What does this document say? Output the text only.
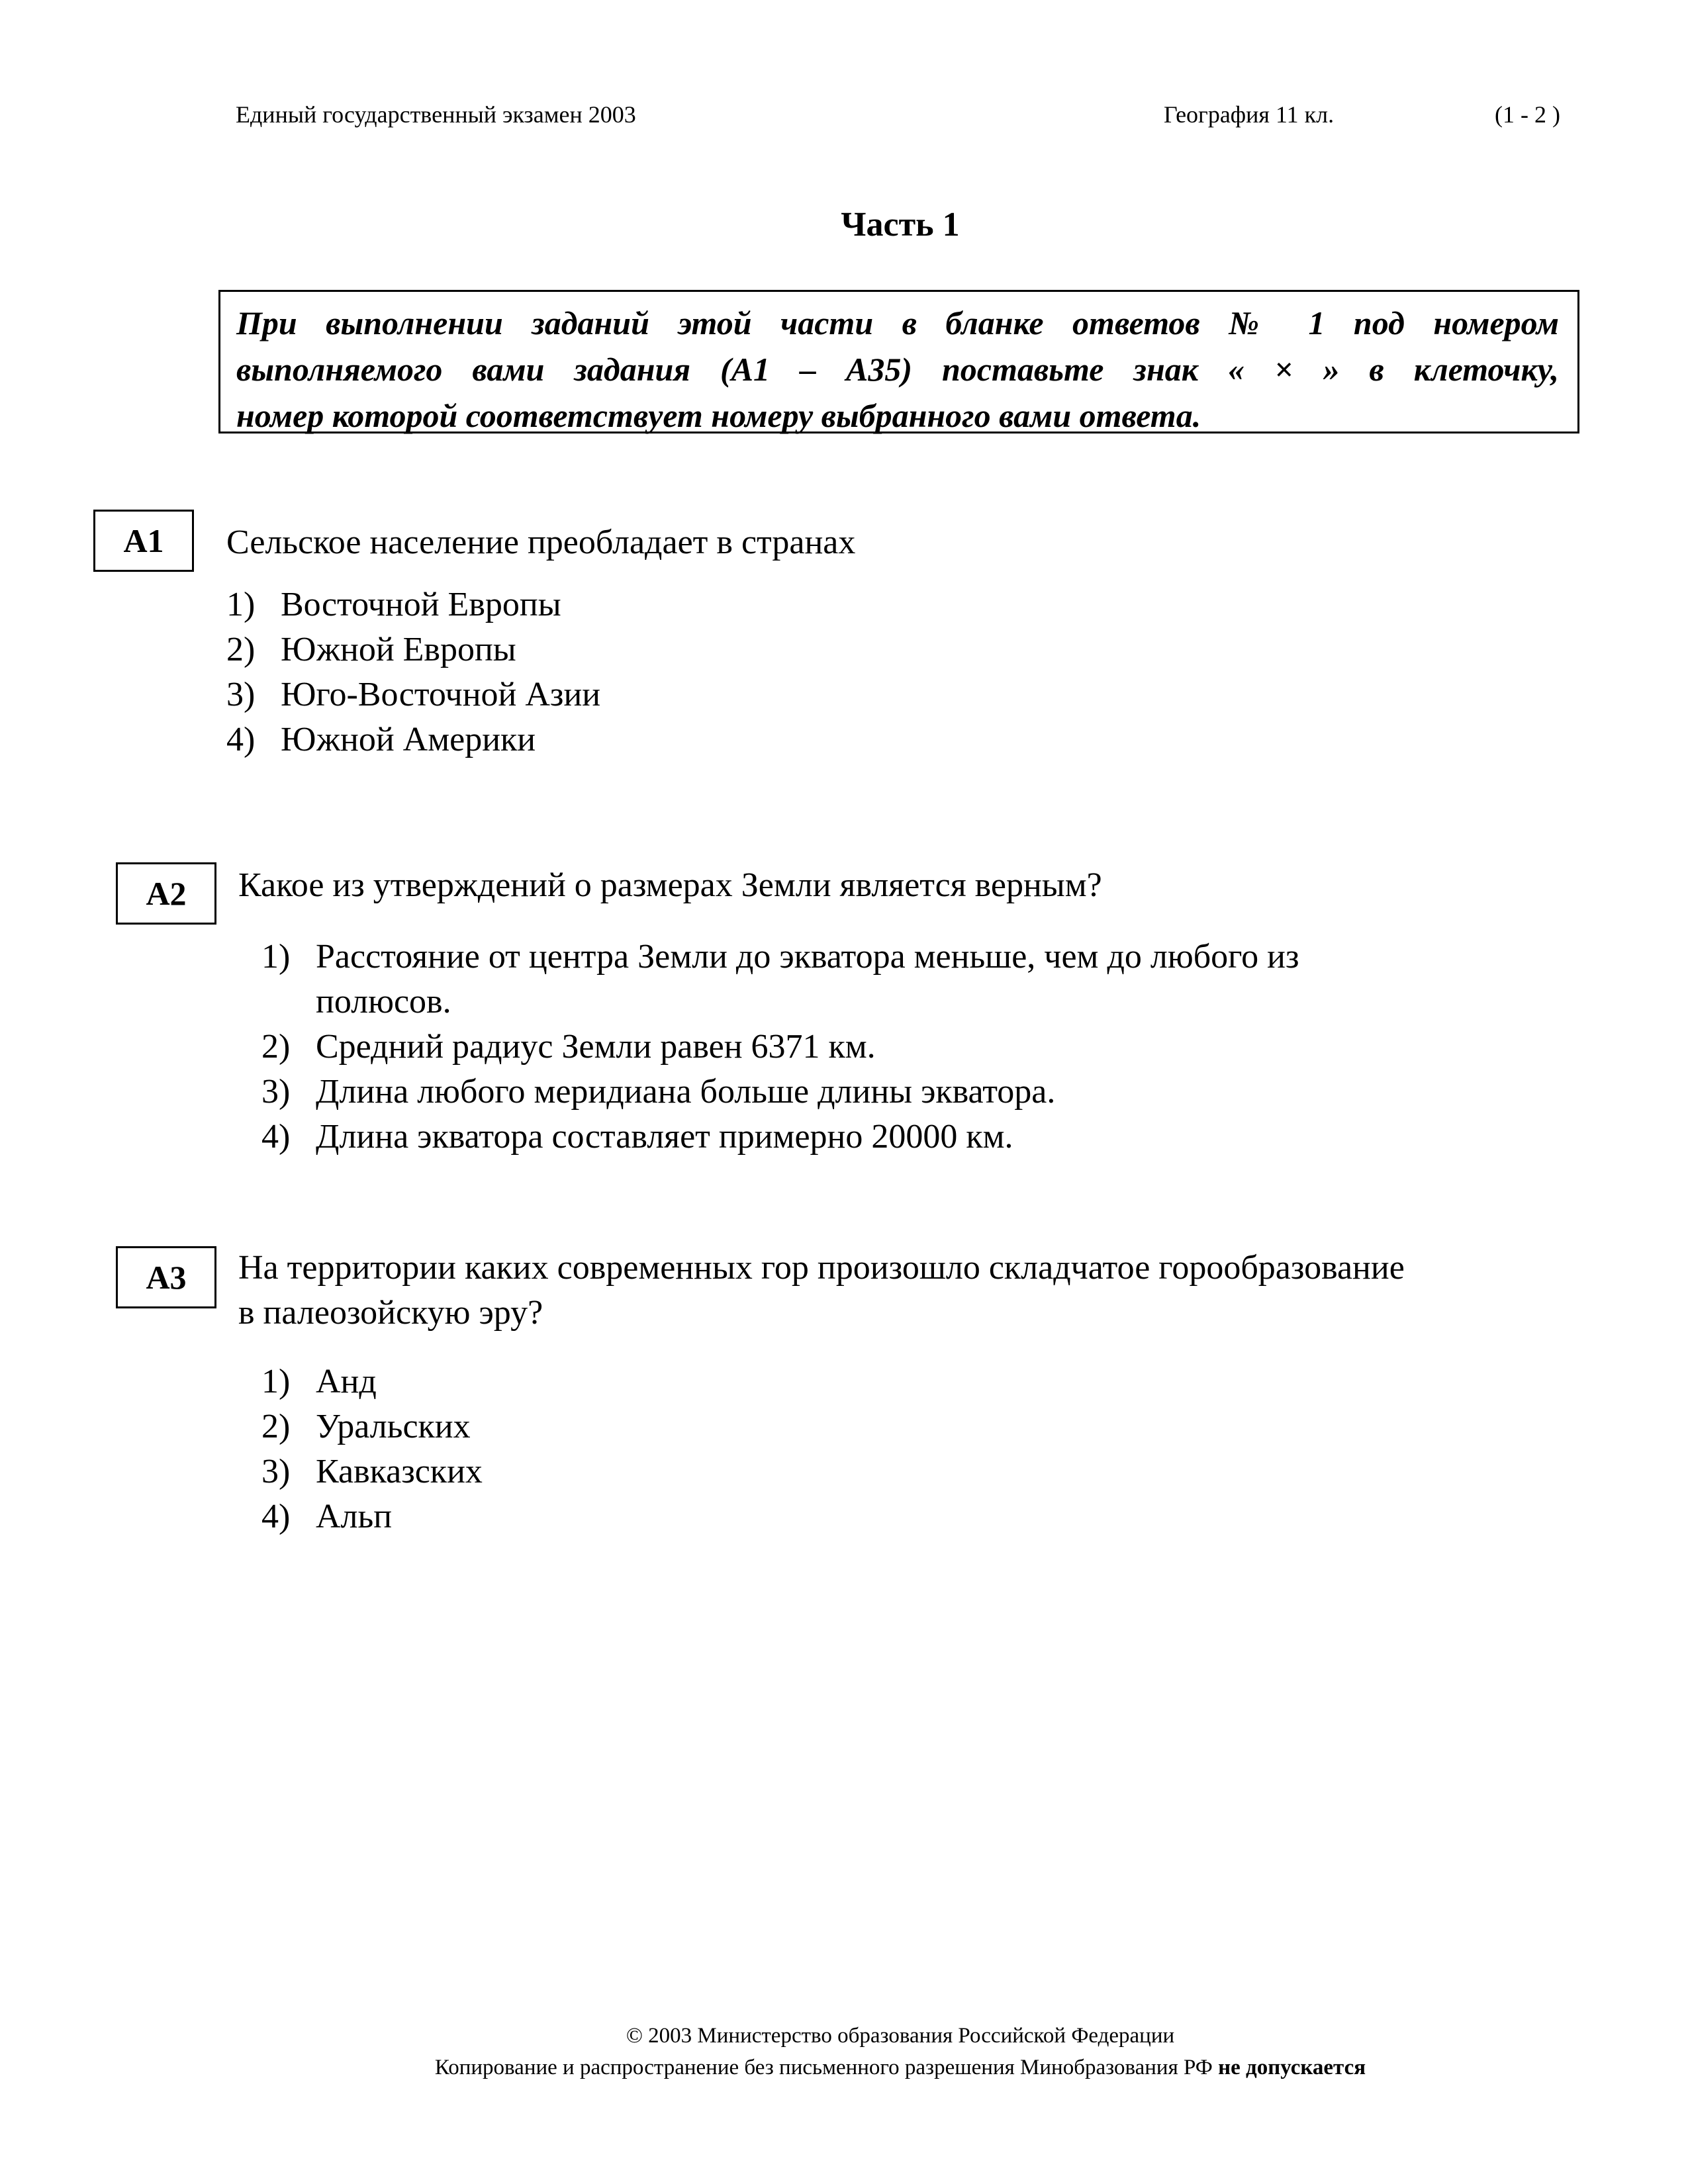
Единый государственный экзамен 2003	География 11 кл.	(1 - 2 )
Часть 1
При выполнении заданий этой части в бланке ответов № 1 под номером
выполняемого вами задания (А1 – А35) поставьте знак « × » в клеточку,
номер которой соответствует номеру выбранного вами ответа.
А1	Сельское население преобладает в странах
1) Восточной Европы
2) Южной Европы
3) Юго-Восточной Азии
4) Южной Америки
А2	Какое из утверждений о размерах Земли является верным?
1) Расстояние от центра Земли до экватора меньше, чем до любого из
полюсов.
2) Средний радиус Земли равен 6371 км.
3) Длина любого меридиана больше длины экватора.
4) Длина экватора составляет примерно 20000 км.
А3	На территории каких современных гор произошло складчатое горообразование
в палеозойскую эру?
1) Анд
2) Уральских
3) Кавказских
4) Альп
© 2003 Министерство образования Российской Федерации
Копирование и распространение без письменного разрешения Минобразования РФ не допускается
